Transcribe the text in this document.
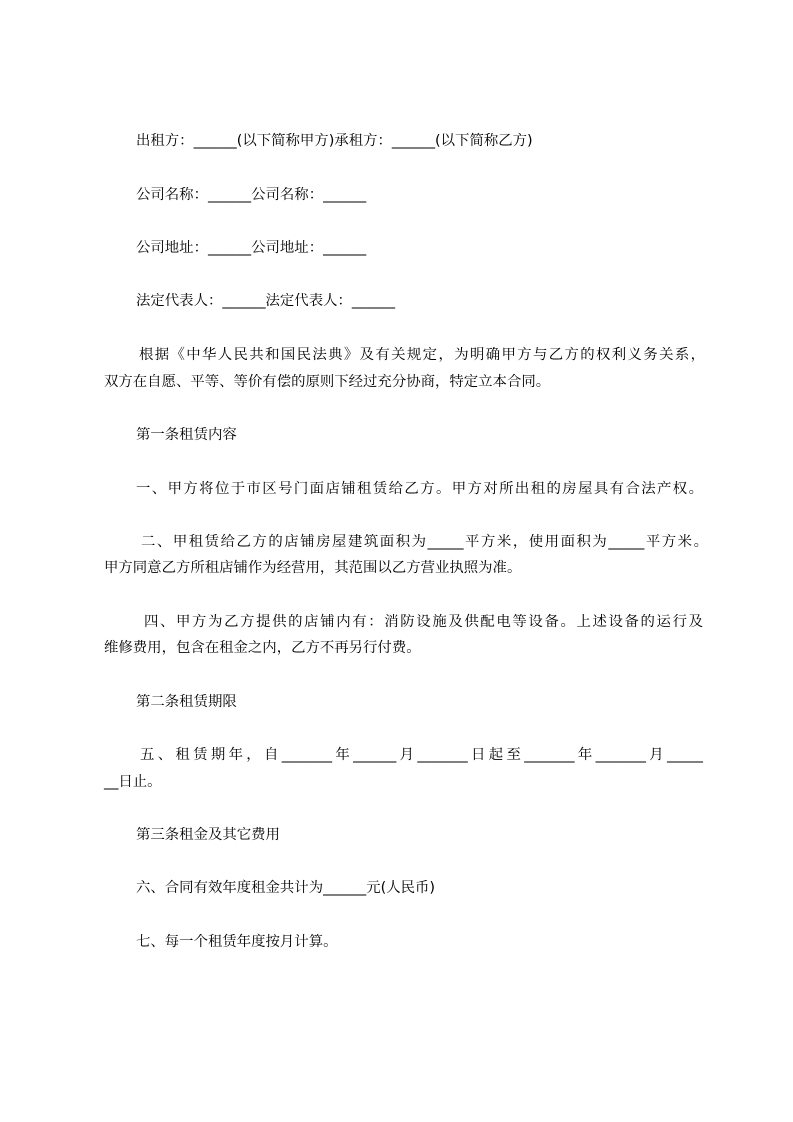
出租方：______(以下简称甲方)承租方：______(以下简称乙方)

公司名称：______公司名称：______

公司地址：______公司地址：______

法定代表人：______法定代表人：______

根据《中华人民共和国民法典》及有关规定，为明确甲方与乙方的权利义务关系，

双方在自愿、平等、等价有偿的原则下经过充分协商，特定立本合同。

第一条租赁内容

一、甲方将位于市区号门面店铺租赁给乙方。甲方对所出租的房屋具有合法产权。

二、甲租赁给乙方的店铺房屋建筑面积为_____平方米，使用面积为_____平方米。

甲方同意乙方所租店铺作为经营用，其范围以乙方营业执照为准。

四、甲方为乙方提供的店铺内有：消防设施及供配电等设备。上述设备的运行及

维修费用，包含在租金之内，乙方不再另行付费。

第二条租赁期限

五、租赁期年，自_______年______月_______日起至_______年_______月_____

__日止。

第三条租金及其它费用

六、合同有效年度租金共计为______元(人民币)

七、每一个租赁年度按月计算。
